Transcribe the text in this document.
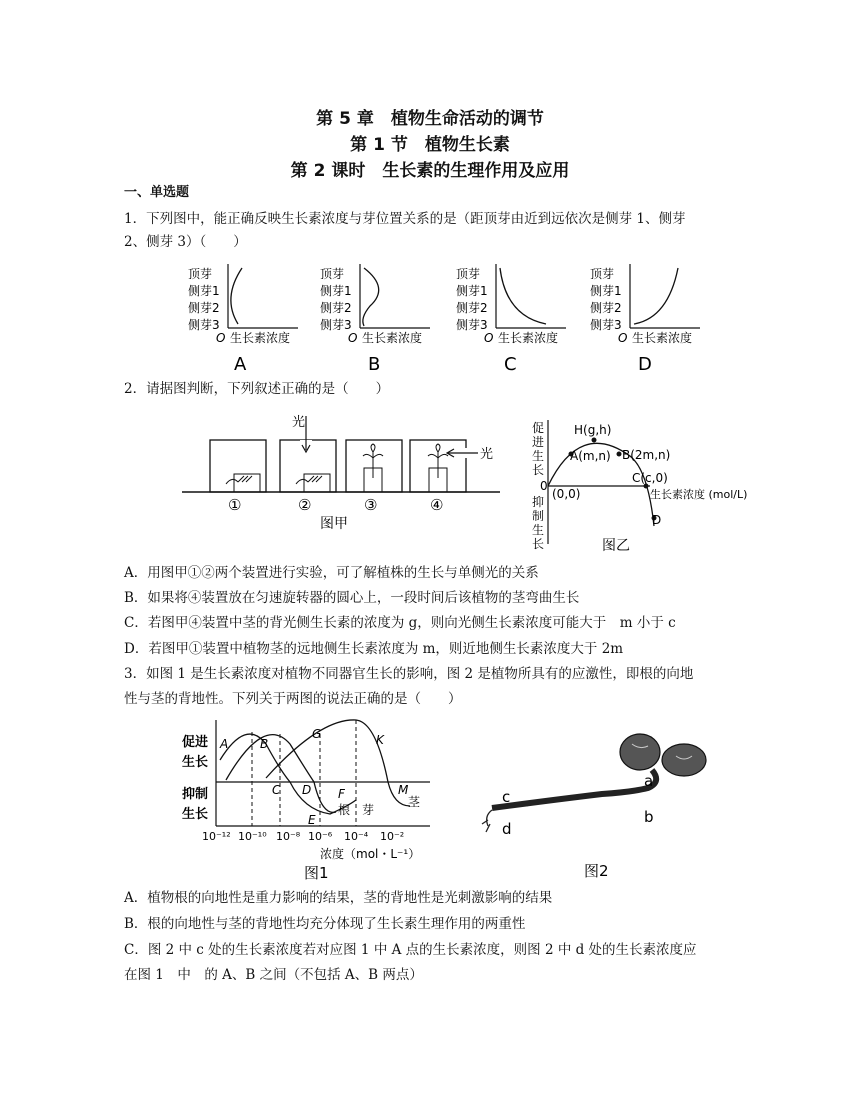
第 5 章　植物生命活动的调节
第 1 节　植物生长素
第 2 课时　生长素的生理作用及应用
一、单选题
1．下列图中，能正确反映生长素浓度与芽位置关系的是（距顶芽由近到远依次是侧芽 1、侧芽
2、侧芽 3）（　　）
顶芽
侧芽1
侧芽2
侧芽3
O 生长素浓度
A
顶芽
侧芽1
侧芽2
侧芽3
O 生长素浓度
B
顶芽
侧芽1
侧芽2
侧芽3
O 生长素浓度
C
顶芽
侧芽1
侧芽2
侧芽3
O 生长素浓度
D
2．请据图判断，下列叙述正确的是（　　）
光
光
①	②	③	④
图甲
促进生长
抑制生长
H(g,h)
A(m,n) B(2m,n)
C(c,0)
D
(0,0)
0
生长素浓度 (mol/L)
图乙
A．用图甲①②两个装置进行实验，可了解植株的生长与单侧光的关系
B．如果将④装置放在匀速旋转器的圆心上，一段时间后该植物的茎弯曲生长
C．若图甲④装置中茎的背光侧生长素的浓度为 g，则向光侧生长素浓度可能大于　m 小于 c
D．若图甲①装置中植物茎的远地侧生长素浓度为 m，则近地侧生长素浓度大于 2m
3．如图 1 是生长素浓度对植物不同器官生长的影响，图 2 是植物所具有的应激性，即根的向地
性与茎的背地性。下列关于两图的说法正确的是（　　）
促进
生长
抑制
生长
A	B
C D
E
F
G	K
M
根 芽
茎
10⁻¹² 10⁻¹⁰ 10⁻⁸ 10⁻⁶ 10⁻⁴ 10⁻²
浓度（mol・L⁻¹）
图1
a
b
c
d
图2
A．植物根的向地性是重力影响的结果，茎的背地性是光刺激影响的结果
B．根的向地性与茎的背地性均充分体现了生长素生理作用的两重性
C．图 2 中 c 处的生长素浓度若对应图 1 中 A 点的生长素浓度，则图 2 中 d 处的生长素浓度应
在图 1　中　的 A、B 之间（不包括 A、B 两点）
